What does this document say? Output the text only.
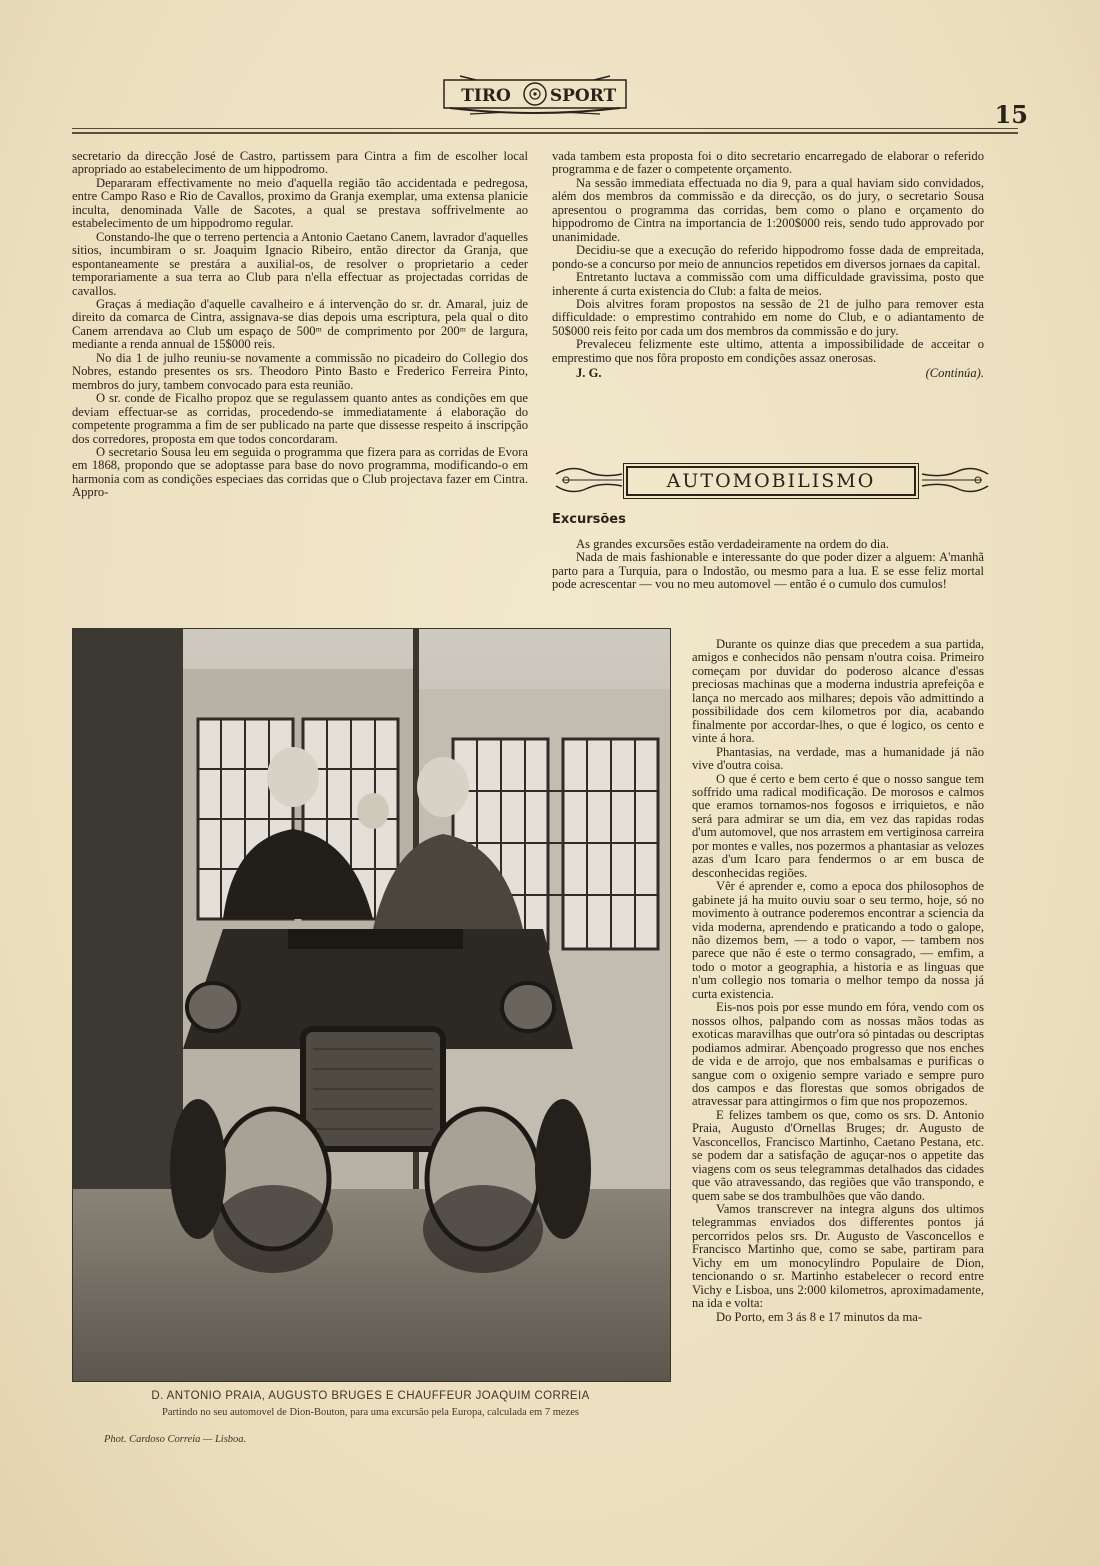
TIRO SPORT
15

secretario da direcção José de Castro, partissem para Cintra a fim de escolher local apropriado ao estabelecimento de um hippodromo.

Depararam effectivamente no meio d'aquella região tão accidentada e pedregosa, entre Campo Raso e Rio de Cavallos, proximo da Granja exemplar, uma extensa planicie inculta, denominada Valle de Sacotes, a qual se prestava soffrivelmente ao estabelecimento de um hippodromo regular.

Constando-lhe que o terreno pertencia a Antonio Caetano Canem, lavrador d'aquelles sitios, incumbiram o sr. Joaquim Ignacio Ribeiro, então director da Granja, que espontaneamente se prestára a auxilial-os, de resolver o proprietario a ceder temporariamente a sua terra ao Club para n'ella effectuar as projectadas corridas de cavallos.

Graças á mediação d'aquelle cavalheiro e á intervenção do sr. dr. Amaral, juiz de direito da comarca de Cintra, assignava-se dias depois uma escriptura, pela qual o dito Canem arrendava ao Club um espaço de 500ᵐ de comprimento por 200ᵐ de largura, mediante a renda annual de 15$000 reis.

No dia 1 de julho reuniu-se novamente a commissão no picadeiro do Collegio dos Nobres, estando presentes os srs. Theodoro Pinto Basto e Frederico Ferreira Pinto, membros do jury, tambem convocado para esta reunião.

O sr. conde de Ficalho propoz que se regulassem quanto antes as condições em que deviam effectuar-se as corridas, procedendo-se immediatamente á elaboração do competente programma a fim de ser publicado na parte que dissesse respeito á inscripção dos corredores, proposta em que todos concordaram.

O secretario Sousa leu em seguida o programma que fizera para as corridas de Evora em 1868, propondo que se adoptasse para base do novo programma, modificando-o em harmonia com as condições especiaes das corridas que o Club projectava fazer em Cintra. Appro-

vada tambem esta proposta foi o dito secretario encarregado de elaborar o referido programma e de fazer o competente orçamento.

Na sessão immediata effectuada no dia 9, para a qual haviam sido convidados, além dos membros da commissão e da direcção, os do jury, o secretario Sousa apresentou o programma das corridas, bem como o plano e orçamento do hippodromo de Cintra na importancia de 1:200$000 reis, sendo tudo approvado por unanimidade.

Decidiu-se que a execução do referido hippodromo fosse dada de empreitada, pondo-se a concurso por meio de annuncios repetidos em diversos jornaes da capital.

Entretanto luctava a commissão com uma difficuldade gravissima, posto que inherente á curta existencia do Club: a falta de meios.

Dois alvitres foram propostos na sessão de 21 de julho para remover esta difficuldade: o emprestimo contrahido em nome do Club, e o adiantamento de 50$000 reis feito por cada um dos membros da commissão e do jury.

Prevaleceu felizmente este ultimo, attenta a impossibilidade de acceitar o emprestimo que nos fôra proposto em condições assaz onerosas.

J. G.	(Continúa).
AUTOMOBILISMO
Excursões

As grandes excursões estão verdadeiramente na ordem do dia.

Nada de mais fashionable e interessante do que poder dizer a alguem: A'manhã parto para a Turquia, para o Indostão, ou mesmo para a lua. E se esse feliz mortal pode acrescentar — vou no meu automovel — então é o cumulo dos cumulos!

Durante os quinze dias que precedem a sua partida, amigos e conhecidos não pensam n'outra coisa. Primeiro começam por duvidar do poderoso alcance d'essas preciosas machinas que a moderna industria aprefeiçôa e lança no mercado aos milhares; depois vão admittindo a possibilidade dos cem kilometros por dia, acabando finalmente por accordar-lhes, o que é logico, os cento e vinte á hora.

Phantasias, na verdade, mas a humanidade já não vive d'outra coisa.

O que é certo e bem certo é que o nosso sangue tem soffrido uma radical modificação. De morosos e calmos que eramos tornamos-nos fogosos e irriquietos, e não será para admirar se um dia, em vez das rapidas rodas d'um automovel, que nos arrastem em vertiginosa carreira por montes e valles, nos pozermos a phantasiar as velozes azas d'um Icaro para fendermos o ar em busca de desconhecidas regiões.

Vêr é aprender e, como a epoca dos philosophos de gabinete já ha muito ouviu soar o seu termo, hoje, só no movimento à outrance poderemos encontrar a sciencia da vida moderna, aprendendo e praticando a todo o galope, não dizemos bem, — a todo o vapor, — tambem nos parece que não é este o termo consagrado, — emfim, a todo o motor a geographia, a historia e as linguas que n'um collegio nos tomaria o melhor tempo da nossa já curta existencia.

Eis-nos pois por esse mundo em fóra, vendo com os nossos olhos, palpando com as nossas mãos todas as exoticas maravilhas que outr'ora só pintadas ou descriptas podiamos admirar. Abençoado progresso que nos enches de vida e de arrojo, que nos embalsamas e purificas o sangue com o oxigenio sempre variado e sempre puro dos campos e das florestas que somos obrigados de atravessar para attingirmos o fim que nos propozemos.

E felizes tambem os que, como os srs. D. Antonio Praia, Augusto d'Ornellas Bruges; dr. Augusto de Vasconcellos, Francisco Martinho, Caetano Pestana, etc. se podem dar a satisfação de aguçar-nos o appetite das viagens com os seus telegrammas detalhados das cidades que vão atravessando, das regiões que vão transpondo, e quem sabe se dos trambulhões que vão dando.

Vamos transcrever na integra alguns dos ultimos telegrammas enviados dos differentes pontos já percorridos pelos srs. Dr. Augusto de Vasconcellos e Francisco Martinho que, como se sabe, partiram para Vichy em um monocylindro Populaire de Dion, tencionando o sr. Martinho estabelecer o record entre Vichy e Lisboa, uns 2:000 kilometros, aproximadamente, na ida e volta:

Do Porto, em 3 ás 8 e 17 minutos da ma-

D. ANTONIO PRAIA, AUGUSTO BRUGES E CHAUFFEUR JOAQUIM CORREIA
Partindo no seu automovel de Dion-Bouton, para uma excursão pela Europa, calculada em 7 mezes
Phot. Cardoso Correia — Lisboa.
